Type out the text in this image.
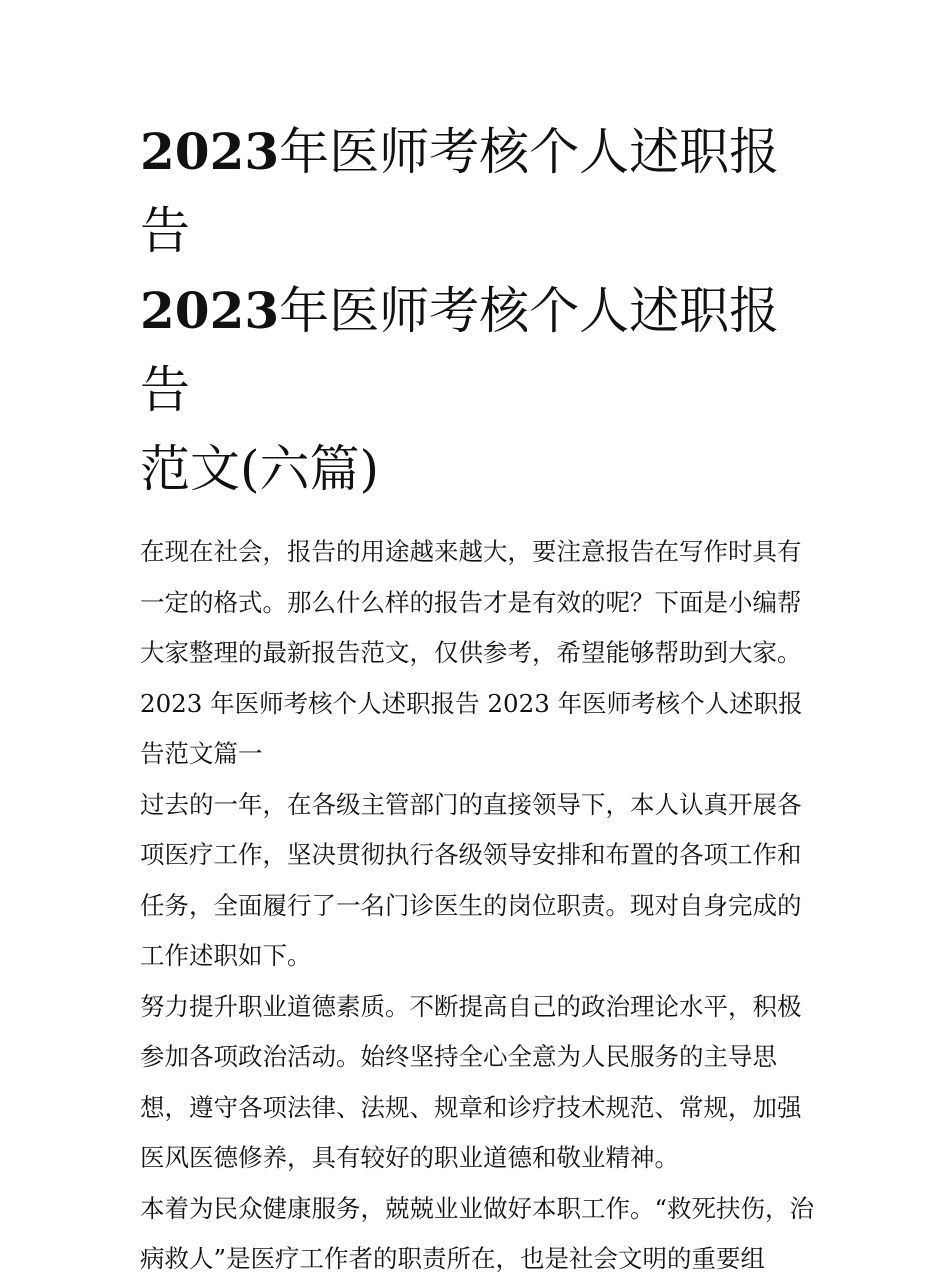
2023年医师考核个人述职报告
2023年医师考核个人述职报告
范文(六篇)

在现在社会，报告的用途越来越大，要注意报告在写作时具有一定的格式。那么什么样的报告才是有效的呢？下面是小编帮大家整理的最新报告范文，仅供参考，希望能够帮助到大家。

2023 年医师考核个人述职报告 2023 年医师考核个人述职报告范文篇一

过去的一年，在各级主管部门的直接领导下，本人认真开展各项医疗工作，坚决贯彻执行各级领导安排和布置的各项工作和任务，全面履行了一名门诊医生的岗位职责。现对自身完成的工作述职如下。

努力提升职业道德素质。不断提高自己的政治理论水平，积极参加各项政治活动。始终坚持全心全意为人民服务的主导思想，遵守各项法律、法规、规章和诊疗技术规范、常规，加强医风医德修养，具有较好的职业道德和敬业精神。

本着为民众健康服务，兢兢业业做好本职工作。“救死扶伤，治病救人”是医疗工作者的职责所在，也是社会文明的重要组
